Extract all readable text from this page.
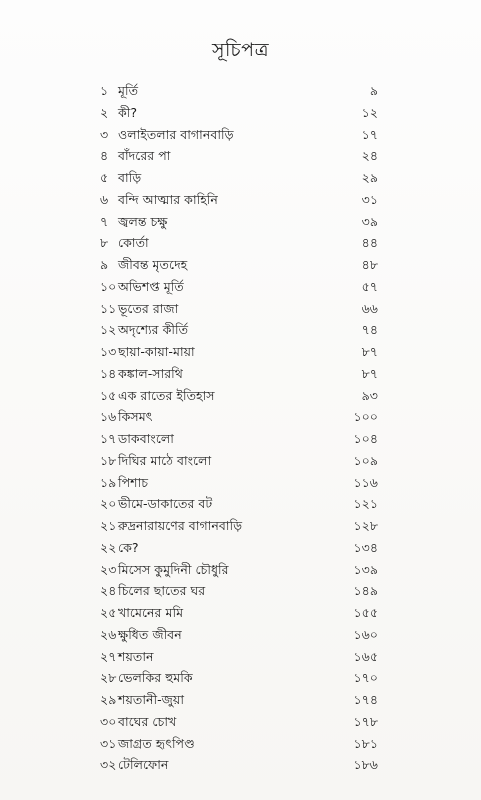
সূচিপত্র
১ মূর্তি	৯
২ কী?	১২
৩ ওলাইতলার বাগানবাড়ি	১৭
৪ বাঁদরের পা	২৪
৫ বাড়ি	২৯
৬ বন্দি আত্মার কাহিনি	৩১
৭ জ্বলন্ত চক্ষু	৩৯
৮ কোর্তা	৪৪
৯ জীবন্ত মৃতদেহ	৪৮
১০ অভিশপ্ত মূর্তি	৫৭
১১ ভূতের রাজা	৬৬
১২ অদৃশ্যের কীর্তি	৭৪
১৩ ছায়া-কায়া-মায়া	৮৭
১৪ কঙ্কাল-সারথি	৮৭
১৫ এক রাতের ইতিহাস	৯৩
১৬ কিসমৎ	১০০
১৭ ডাকবাংলো	১০৪
১৮ দিঘির মাঠে বাংলো	১০৯
১৯ পিশাচ	১১৬
২০ ভীমে-ডাকাতের বট	১২১
২১ রুদ্রনারায়ণের বাগানবাড়ি	১২৮
২২ কে?	১৩৪
২৩ মিসেস কুমুদিনী চৌধুরি	১৩৯
২৪ চিলের ছাতের ঘর	১৪৯
২৫ খামেনের মমি	১৫৫
২৬ ক্ষুধিত জীবন	১৬০
২৭ শয়তান	১৬৫
২৮ ভেলকির হুমকি	১৭০
২৯ শয়তানী-জুয়া	১৭৪
৩০ বাঘের চোখ	১৭৮
৩১ জাগ্রত হৃৎপিণ্ড	১৮১
৩২ টেলিফোন	১৮৬
